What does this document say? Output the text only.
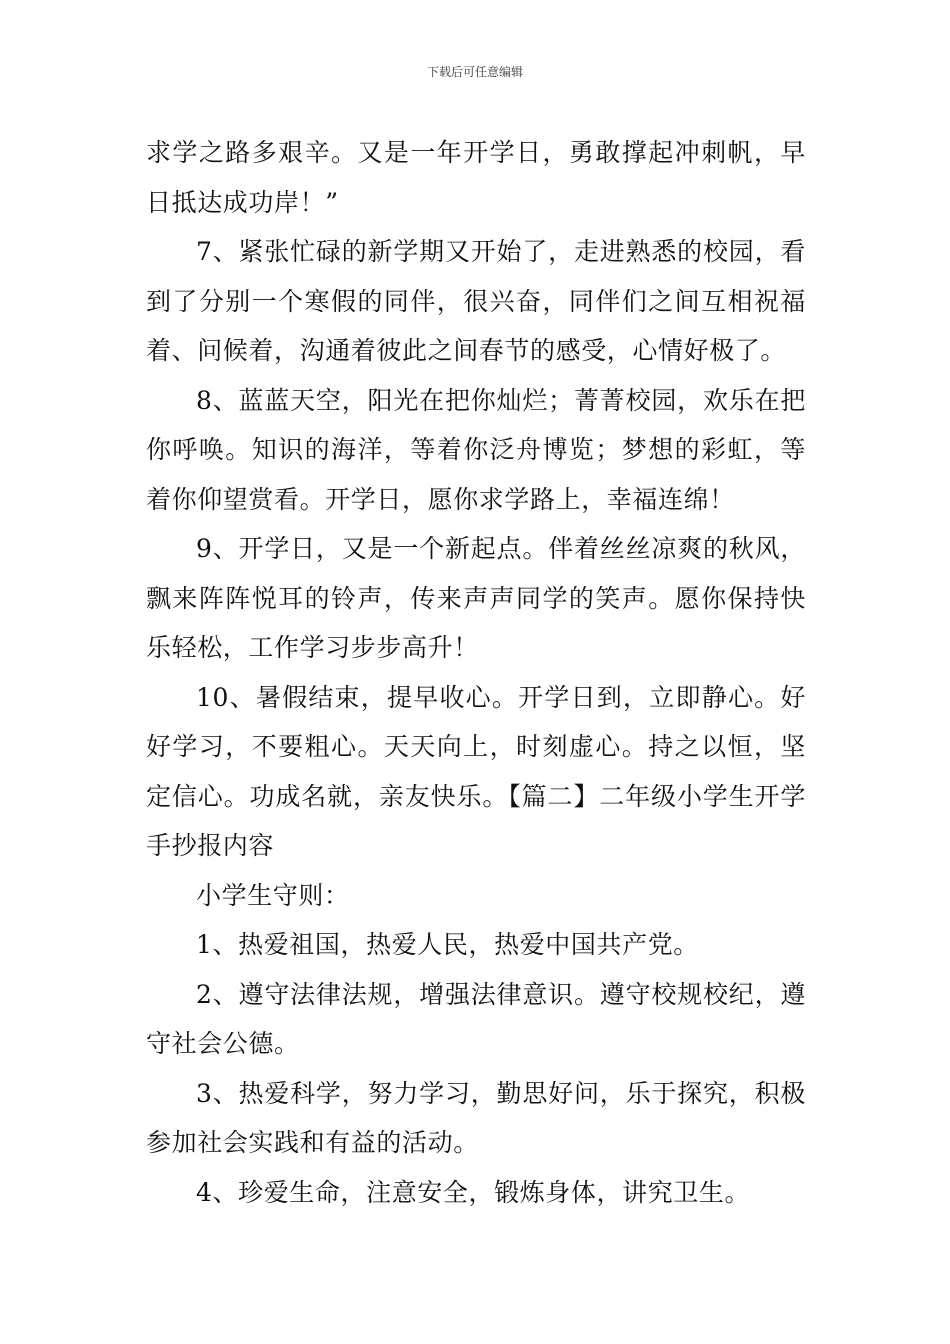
下载后可任意编辑

求学之路多艰辛。又是一年开学日，勇敢撑起冲刺帆，早日抵达成功岸！”

7、紧张忙碌的新学期又开始了，走进熟悉的校园，看到了分别一个寒假的同伴，很兴奋，同伴们之间互相祝福着、问候着，沟通着彼此之间春节的感受，心情好极了。

8、蓝蓝天空，阳光在把你灿烂；菁菁校园，欢乐在把你呼唤。知识的海洋，等着你泛舟博览；梦想的彩虹，等着你仰望赏看。开学日，愿你求学路上，幸福连绵！

9、开学日，又是一个新起点。伴着丝丝凉爽的秋风，飘来阵阵悦耳的铃声，传来声声同学的笑声。愿你保持快乐轻松，工作学习步步高升！

10、暑假结束，提早收心。开学日到，立即静心。好好学习，不要粗心。天天向上，时刻虚心。持之以恒，坚定信心。功成名就，亲友快乐。【篇二】二年级小学生开学手抄报内容

小学生守则：

1、热爱祖国，热爱人民，热爱中国共产党。

2、遵守法律法规，增强法律意识。遵守校规校纪，遵守社会公德。

3、热爱科学，努力学习，勤思好问，乐于探究，积极参加社会实践和有益的活动。

4、珍爱生命，注意安全，锻炼身体，讲究卫生。
